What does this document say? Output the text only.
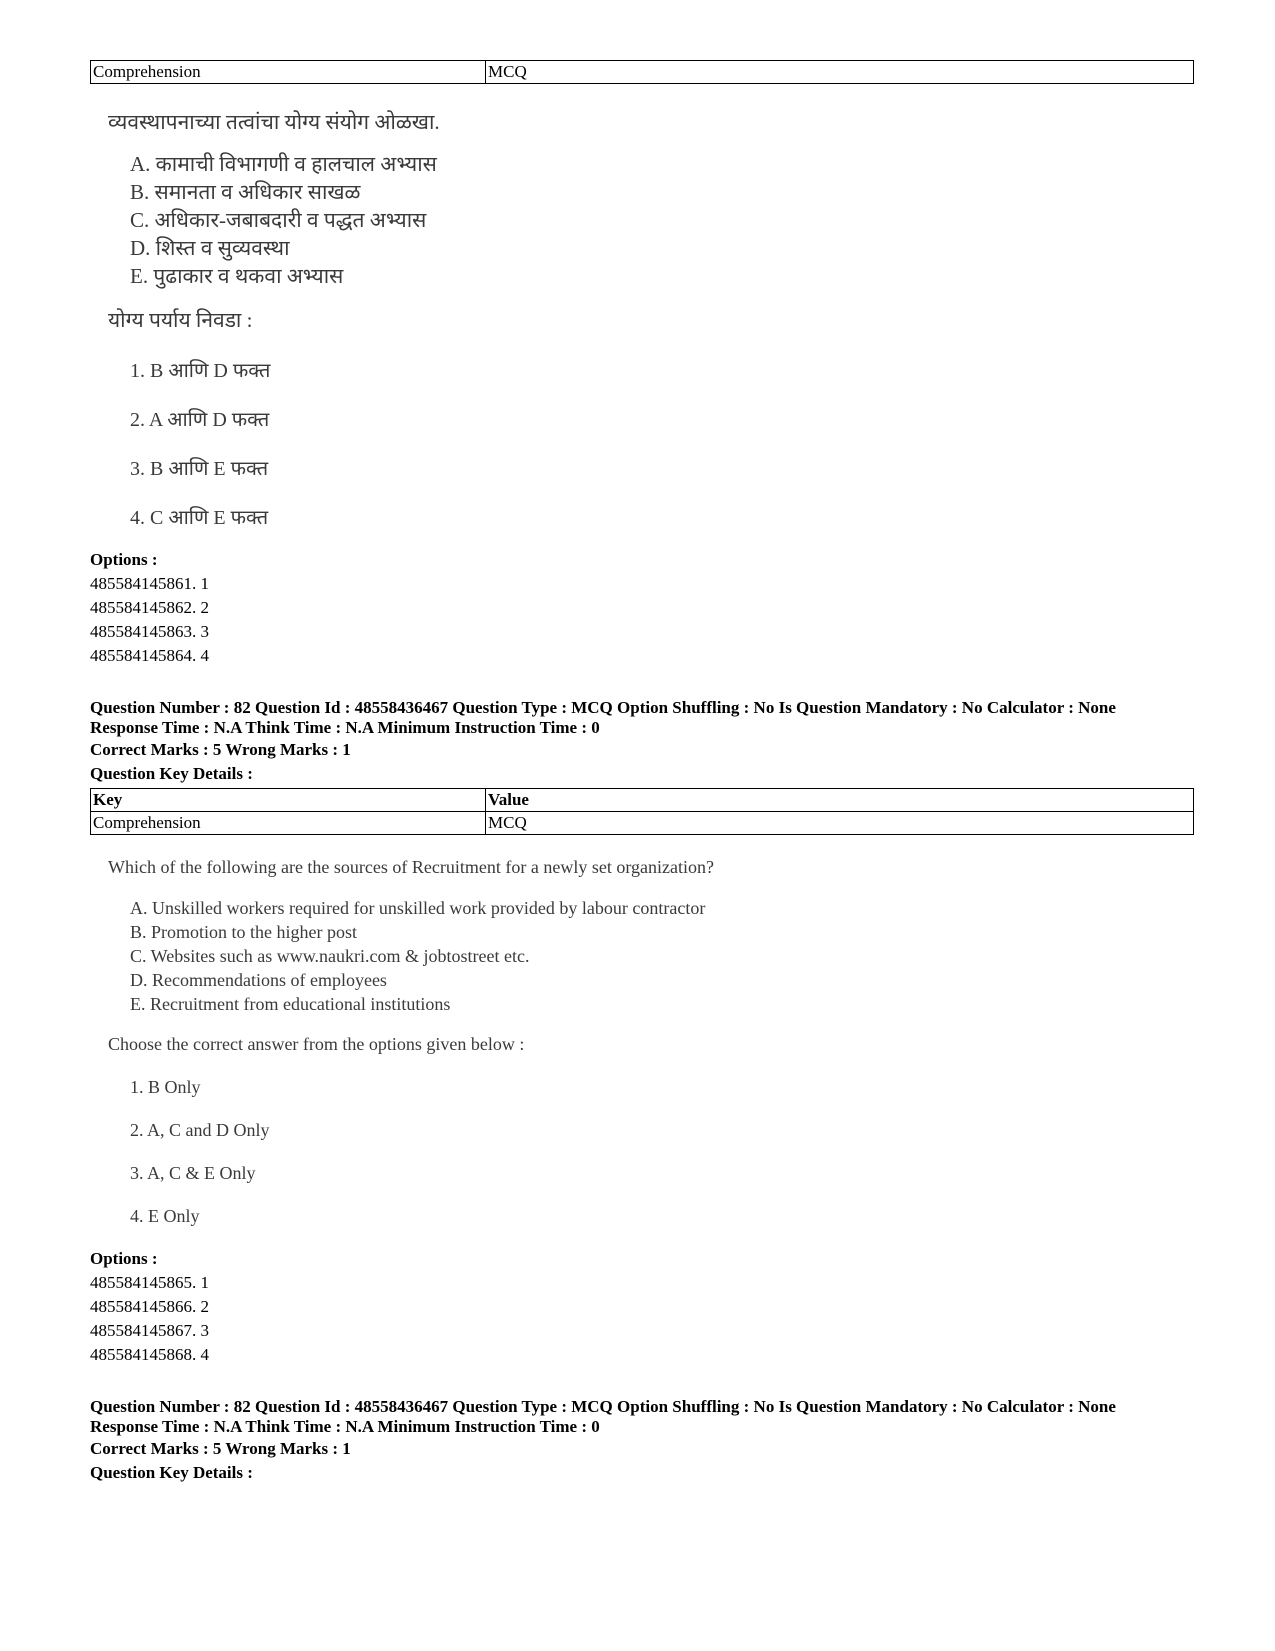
Comprehension	MCQ

व्यवस्थापनाच्या तत्वांचा योग्य संयोग ओळखा.

A. कामाची विभागणी व हालचाल अभ्यास
B. समानता व अधिकार साखळ
C. अधिकार-जबाबदारी व पद्धत अभ्यास
D. शिस्त व सुव्यवस्था
E. पुढाकार व थकवा अभ्यास
योग्य पर्याय निवडा :
1. B आणि D फक्त
2. A आणि D फक्त
3. B आणि E फक्त
4. C आणि E फक्त
Options :
485584145861. 1
485584145862. 2
485584145863. 3
485584145864. 4
Question Number : 82 Question Id : 48558436467 Question Type : MCQ Option Shuffling : No Is Question Mandatory : No Calculator : None
Response Time : N.A Think Time : N.A Minimum Instruction Time : 0
Correct Marks : 5 Wrong Marks : 1
Question Key Details :
Key	Value
Comprehension	MCQ

Which of the following are the sources of Recruitment for a newly set organization?

A. Unskilled workers required for unskilled work provided by labour contractor
B. Promotion to the higher post
C. Websites such as www.naukri.com & jobtostreet etc.
D. Recommendations of employees
E. Recruitment from educational institutions
Choose the correct answer from the options given below :
1. B Only
2. A, C and D Only
3. A, C & E Only
4. E Only
Options :
485584145865. 1
485584145866. 2
485584145867. 3
485584145868. 4
Question Number : 82 Question Id : 48558436467 Question Type : MCQ Option Shuffling : No Is Question Mandatory : No Calculator : None
Response Time : N.A Think Time : N.A Minimum Instruction Time : 0
Correct Marks : 5 Wrong Marks : 1
Question Key Details :
